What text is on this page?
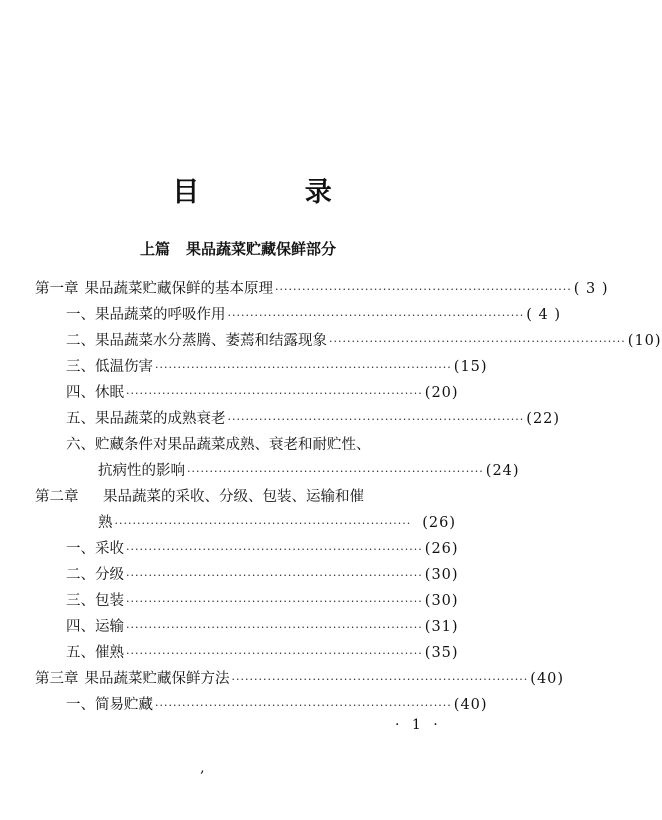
目 录
上篇 果品蔬菜贮藏保鲜部分
第一章 果品蔬菜贮藏保鲜的基本原理 ·································································· ( 3 )
一、 果品蔬菜的呼吸作用 ·································································· ( 4 )
二、 果品蔬菜水分蒸腾、萎蔫和结露现象 ·································································· (10)
三、 低温伤害 ·································································· (15)
四、 休眠 ·································································· (20)
五、 果品蔬菜的成熟衰老 ·································································· (22)
六、 贮藏条件对果品蔬菜成熟、衰老和耐贮性、
抗病性的影响 ·································································· (24)
第二章	果品蔬菜的采收、分级、包装、运输和催
熟 ·································································· (26)
一、 采收 ·································································· (26)
二、 分级 ·································································· (30)
三、 包装 ·································································· (30)
四、 运输 ·································································· (31)
五、 催熟 ·································································· (35)
第三章 果品蔬菜贮藏保鲜方法 ·································································· (40)
一、 简易贮藏 ·································································· (40)
· 1 ·
‚
